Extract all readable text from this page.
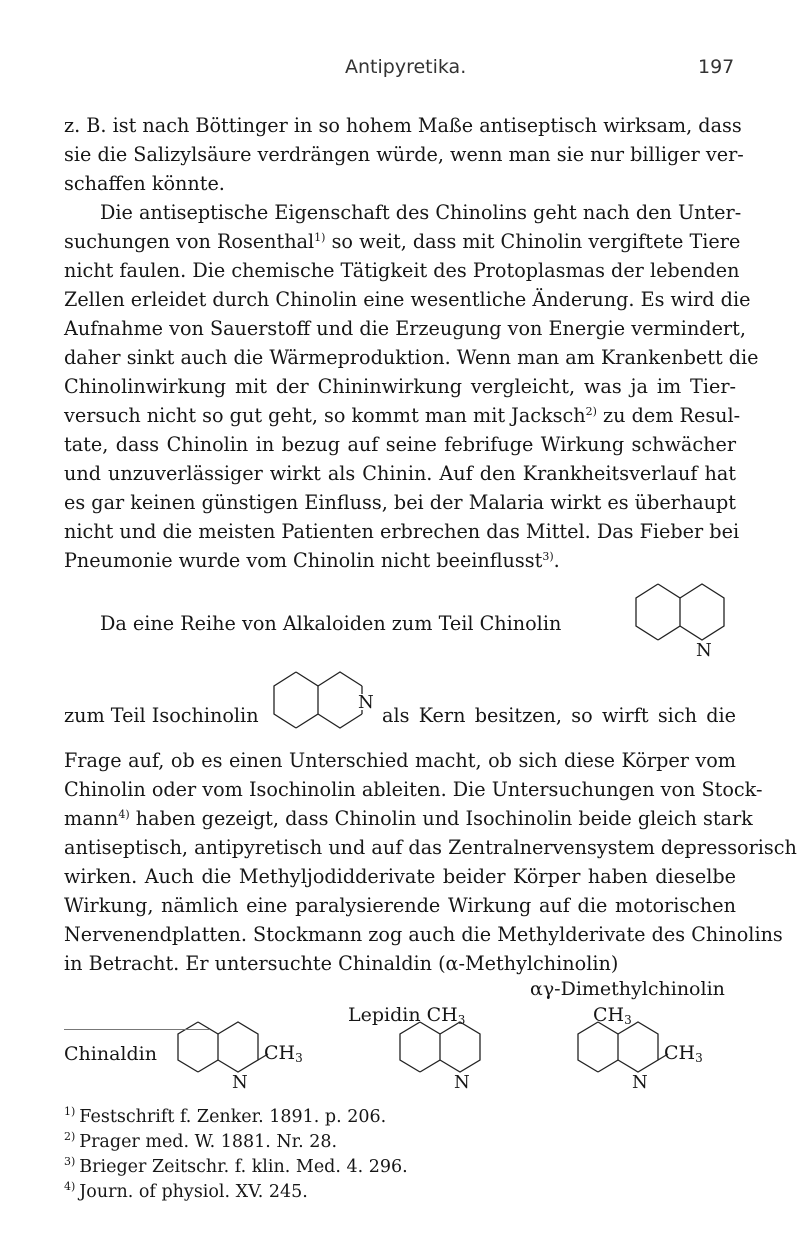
Antipyretika.	197
z. B. ist nach Böttinger in so hohem Maße antiseptisch wirksam, dass
sie die Salizylsäure verdrängen würde, wenn man sie nur billiger ver-
schaffen könnte.
Die antiseptische Eigenschaft des Chinolins geht nach den Unter-
suchungen von Rosenthal$^{1)}$ so weit, dass mit Chinolin vergiftete Tiere
nicht faulen. Die chemische Tätigkeit des Protoplasmas der lebenden
Zellen erleidet durch Chinolin eine wesentliche Änderung. Es wird die
Aufnahme von Sauerstoff und die Erzeugung von Energie vermindert,
daher sinkt auch die Wärmeproduktion. Wenn man am Krankenbett die
Chinolinwirkung mit der Chininwirkung vergleicht, was ja im Tier-
versuch nicht so gut geht, so kommt man mit Jacksch$^{2)}$ zu dem Resul-
tate, dass Chinolin in bezug auf seine febrifuge Wirkung schwächer
und unzuverlässiger wirkt als Chinin. Auf den Krankheitsverlauf hat
es gar keinen günstigen Einfluss, bei der Malaria wirkt es überhaupt
nicht und die meisten Patienten erbrechen das Mittel. Das Fieber bei
Pneumonie wurde vom Chinolin nicht beeinflusst$^{3)}$.
Da eine Reihe von Alkaloiden zum Teil Chinolin
N
zum Teil Isochinolin
N
als Kern besitzen, so wirft sich die
Frage auf, ob es einen Unterschied macht, ob sich diese Körper vom
Chinolin oder vom Isochinolin ableiten. Die Untersuchungen von Stock-
mann$^{4)}$ haben gezeigt, dass Chinolin und Isochinolin beide gleich stark
antiseptisch, antipyretisch und auf das Zentralnervensystem depressorisch
wirken. Auch die Methyljodidderivate beider Körper haben dieselbe
Wirkung, nämlich eine paralysierende Wirkung auf die motorischen
Nervenendplatten. Stockmann zog auch die Methylderivate des Chinolins
in Betracht. Er untersuchte Chinaldin (α-Methylchinolin)
αγ-Dimethylchinolin
Lepidin $CH_3$	$CH_3$
Chinaldin
N
$CH_3$
N	N
$CH_3$
$^{1)}$ Festschrift f. Zenker. 1891. p. 206.
$^{2)}$ Prager med. W. 1881. Nr. 28.
$^{3)}$ Brieger Zeitschr. f. klin. Med. 4. 296.
$^{4)}$ Journ. of physiol. XV. 245.
